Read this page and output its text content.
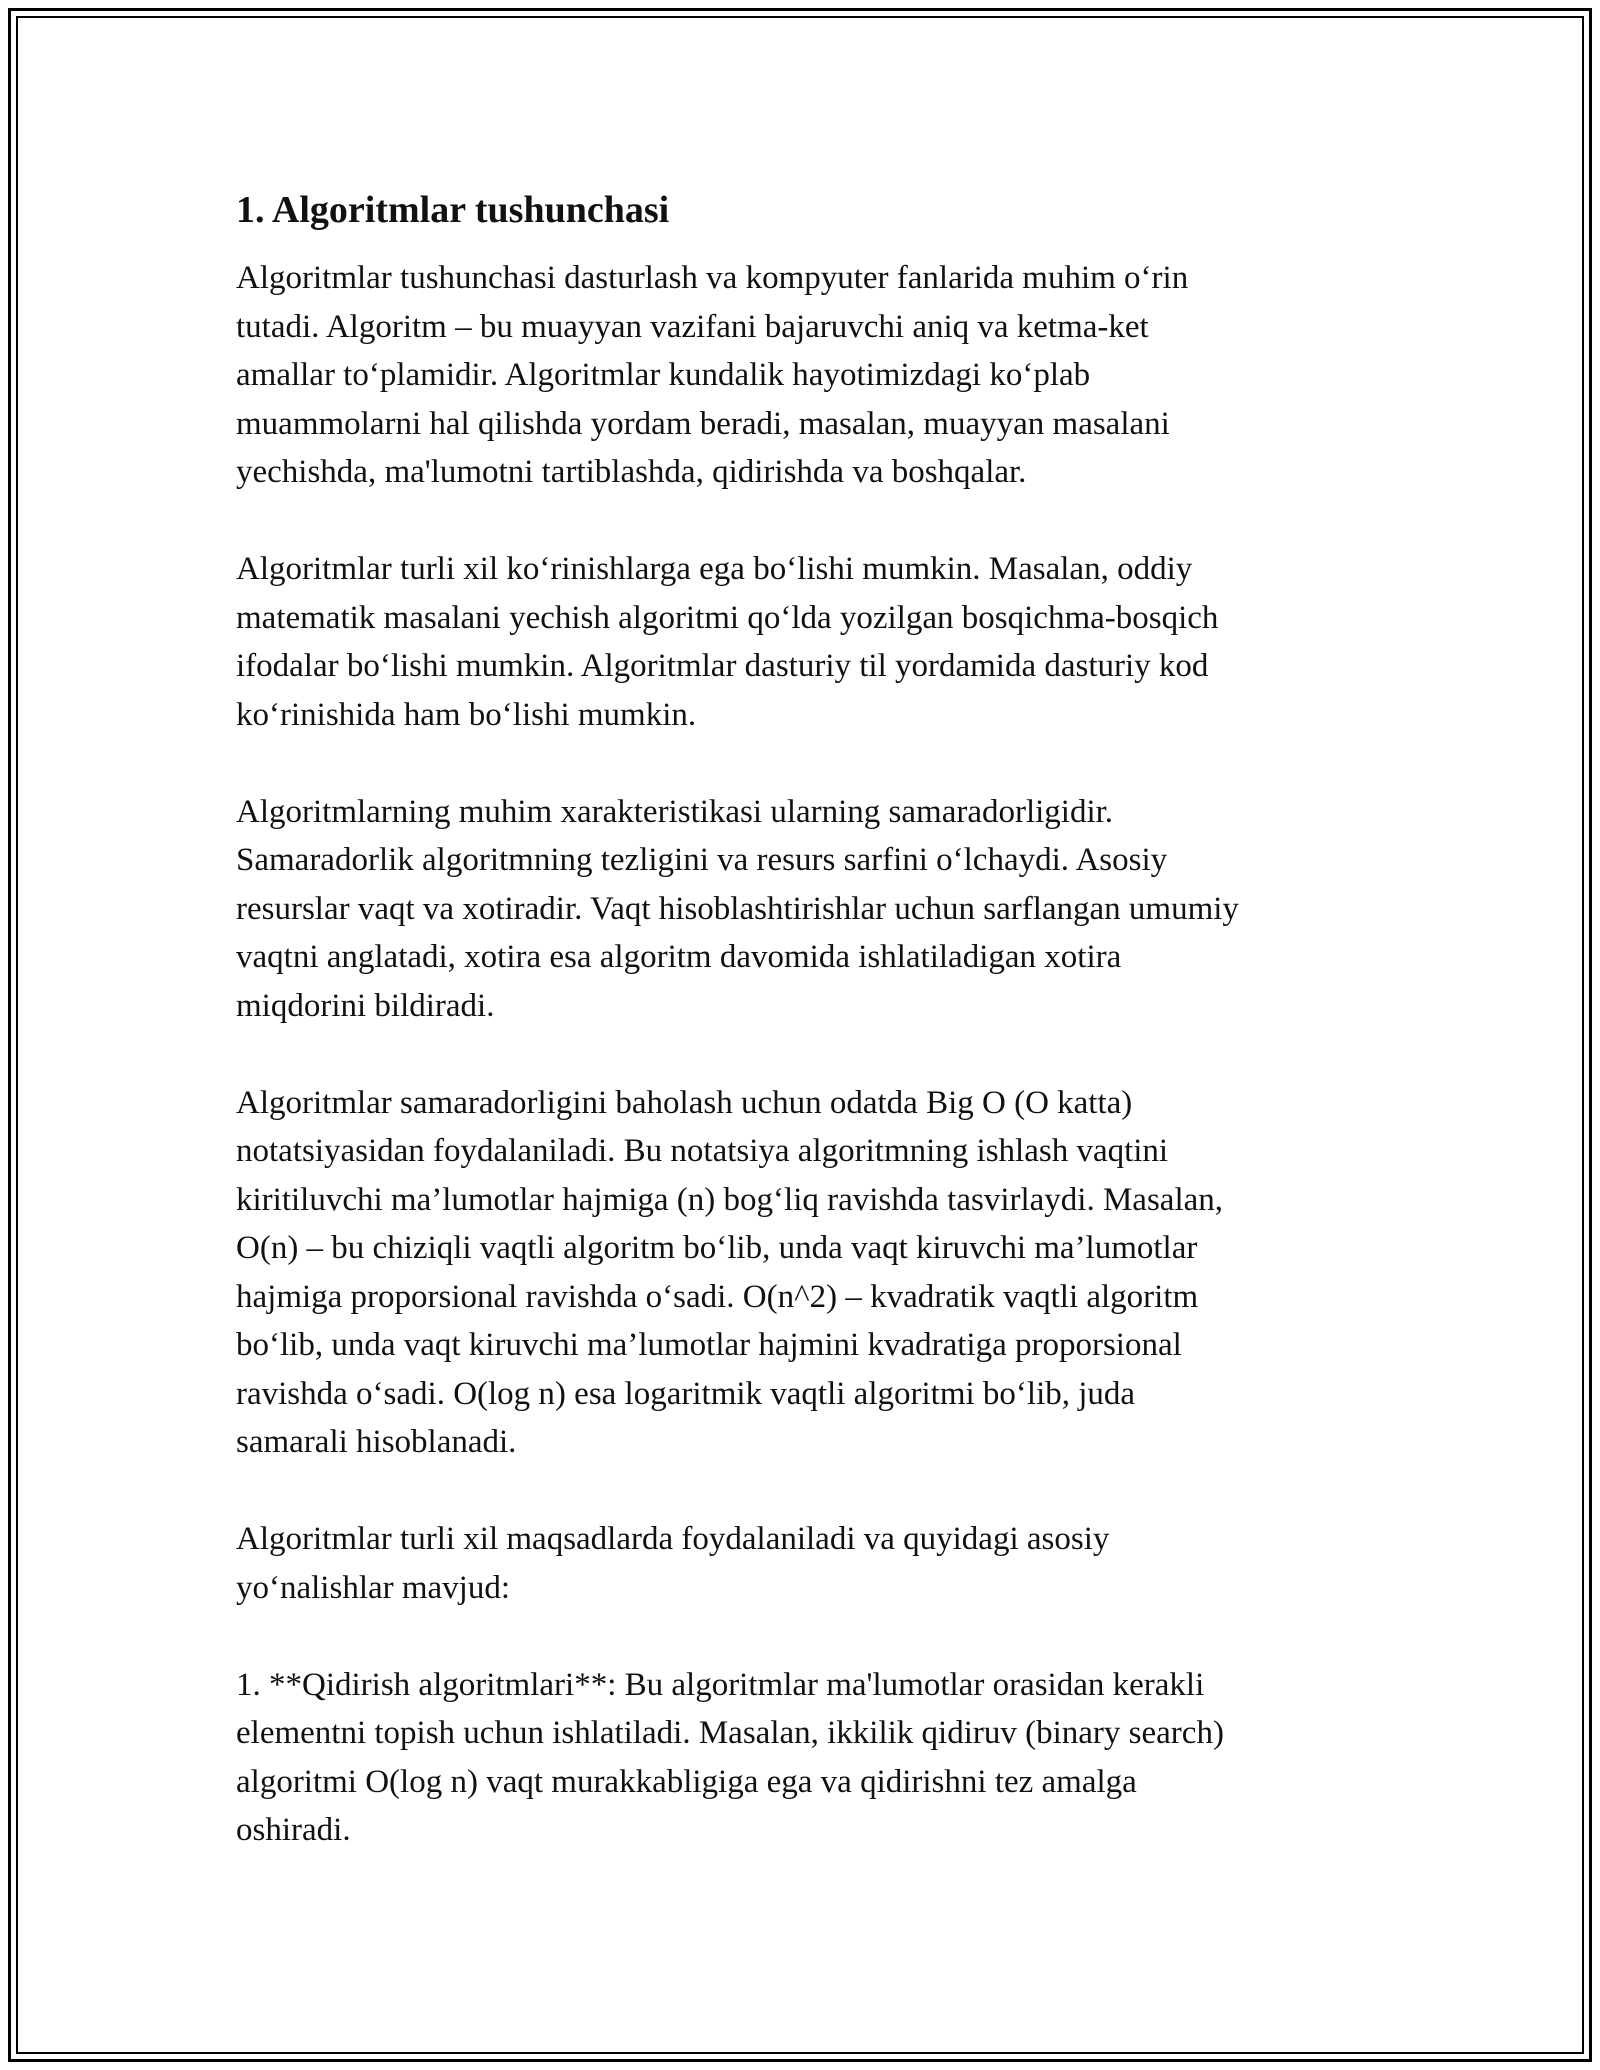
1. Algoritmlar tushunchasi

Algoritmlar tushunchasi dasturlash va kompyuter fanlarida muhim o‘rin
tutadi. Algoritm – bu muayyan vazifani bajaruvchi aniq va ketma-ket
amallar to‘plamidir. Algoritmlar kundalik hayotimizdagi ko‘plab
muammolarni hal qilishda yordam beradi, masalan, muayyan masalani
yechishda, ma'lumotni tartiblashda, qidirishda va boshqalar.

Algoritmlar turli xil ko‘rinishlarga ega bo‘lishi mumkin. Masalan, oddiy
matematik masalani yechish algoritmi qo‘lda yozilgan bosqichma-bosqich
ifodalar bo‘lishi mumkin. Algoritmlar dasturiy til yordamida dasturiy kod
ko‘rinishida ham bo‘lishi mumkin.

Algoritmlarning muhim xarakteristikasi ularning samaradorligidir.
Samaradorlik algoritmning tezligini va resurs sarfini o‘lchaydi. Asosiy
resurslar vaqt va xotiradir. Vaqt hisoblashtirishlar uchun sarflangan umumiy
vaqtni anglatadi, xotira esa algoritm davomida ishlatiladigan xotira
miqdorini bildiradi.

Algoritmlar samaradorligini baholash uchun odatda Big O (O katta)
notatsiyasidan foydalaniladi. Bu notatsiya algoritmning ishlash vaqtini
kiritiluvchi ma’lumotlar hajmiga (n) bog‘liq ravishda tasvirlaydi. Masalan,
O(n) – bu chiziqli vaqtli algoritm bo‘lib, unda vaqt kiruvchi ma’lumotlar
hajmiga proporsional ravishda o‘sadi. O(n^2) – kvadratik vaqtli algoritm
bo‘lib, unda vaqt kiruvchi ma’lumotlar hajmini kvadratiga proporsional
ravishda o‘sadi. O(log n) esa logaritmik vaqtli algoritmi bo‘lib, juda
samarali hisoblanadi.

Algoritmlar turli xil maqsadlarda foydalaniladi va quyidagi asosiy
yo‘nalishlar mavjud:

1. **Qidirish algoritmlari**: Bu algoritmlar ma'lumotlar orasidan kerakli
elementni topish uchun ishlatiladi. Masalan, ikkilik qidiruv (binary search)
algoritmi O(log n) vaqt murakkabligiga ega va qidirishni tez amalga
oshiradi.
